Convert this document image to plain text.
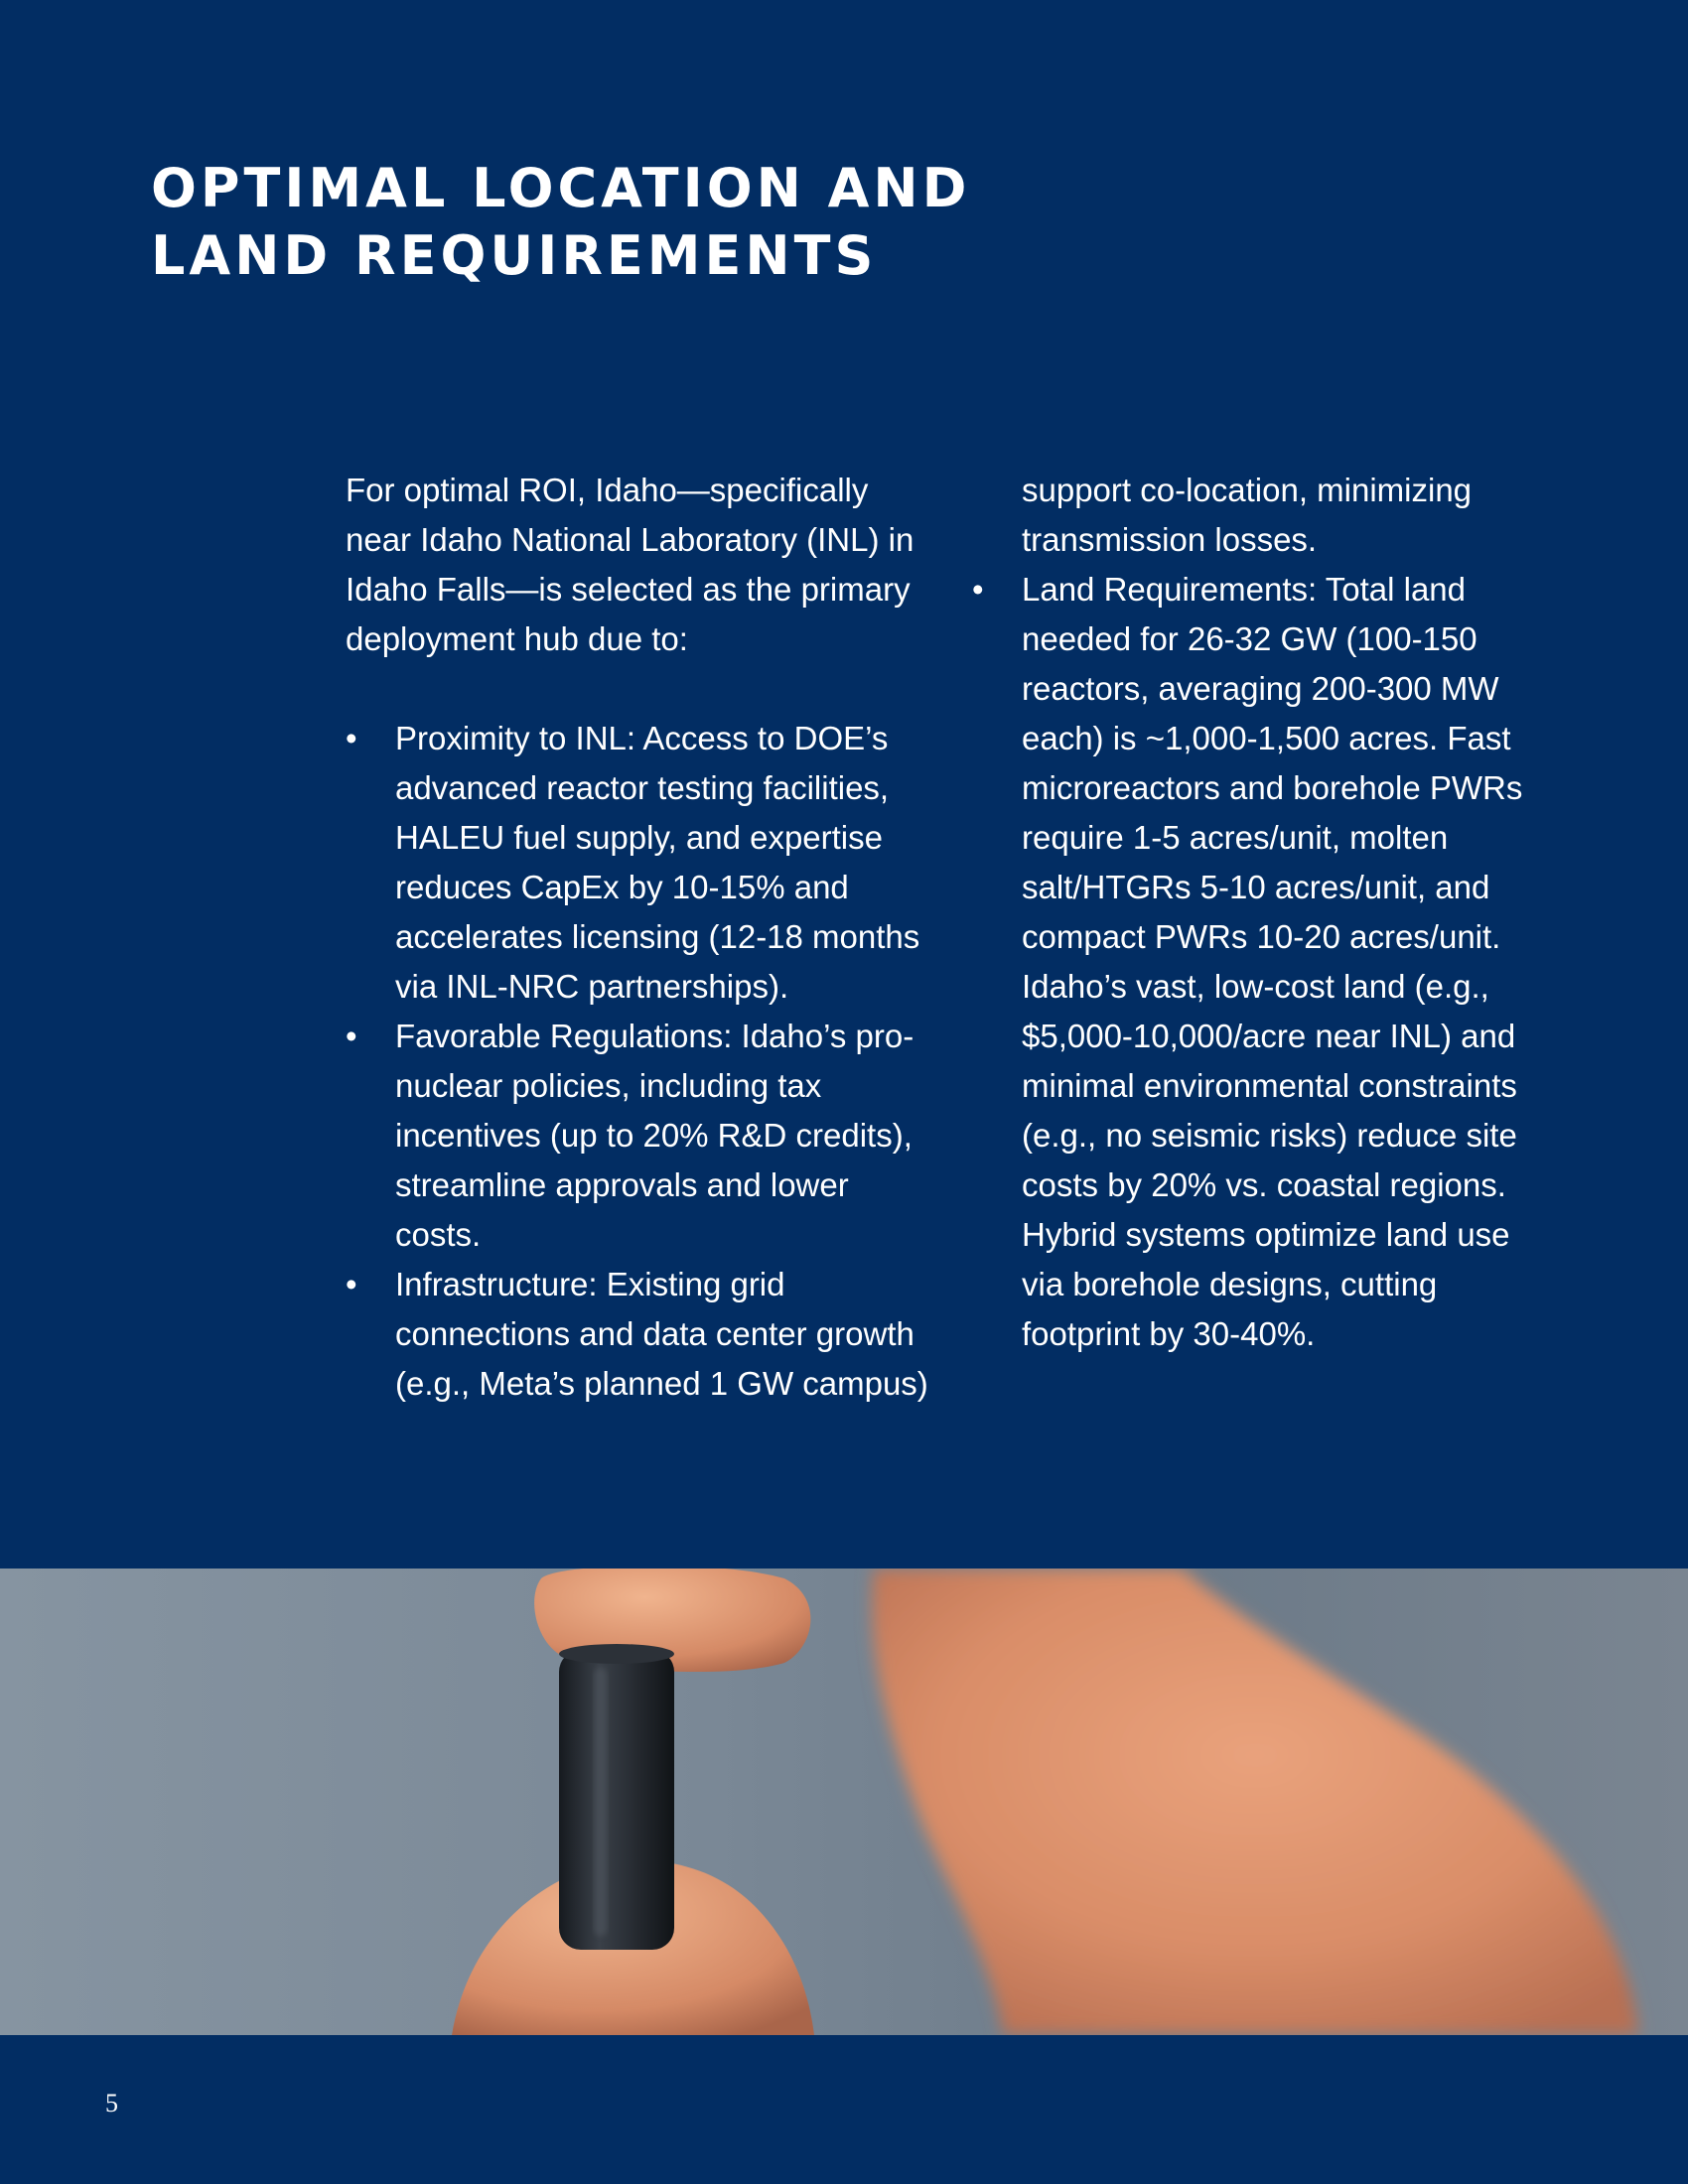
OPTIMAL LOCATION AND
LAND REQUIREMENTS

For optimal ROI, Idaho—specifically near Idaho National Laboratory (INL) in Idaho Falls—is selected as the primary deployment hub due to:

• Proximity to INL: Access to DOE’s advanced reactor testing facilities, HALEU fuel supply, and expertise reduces CapEx by 10-15% and accelerates licensing (12-18 months via INL-NRC partnerships).
• Favorable Regulations: Idaho’s pro-nuclear policies, including tax incentives (up to 20% R&D credits), streamline approvals and lower costs.
• Infrastructure: Existing grid connections and data center growth (e.g., Meta’s planned 1 GW campus) support co-location, minimizing transmission losses.
• Land Requirements: Total land needed for 26-32 GW (100-150 reactors, averaging 200-300 MW each) is ~1,000-1,500 acres. Fast microreactors and borehole PWRs require 1-5 acres/unit, molten salt/HTGRs 5-10 acres/unit, and compact PWRs 10-20 acres/unit. Idaho’s vast, low-cost land (e.g., $5,000-10,000/acre near INL) and minimal environmental constraints (e.g., no seismic risks) reduce site costs by 20% vs. coastal regions. Hybrid systems optimize land use via borehole designs, cutting footprint by 30-40%.
5
